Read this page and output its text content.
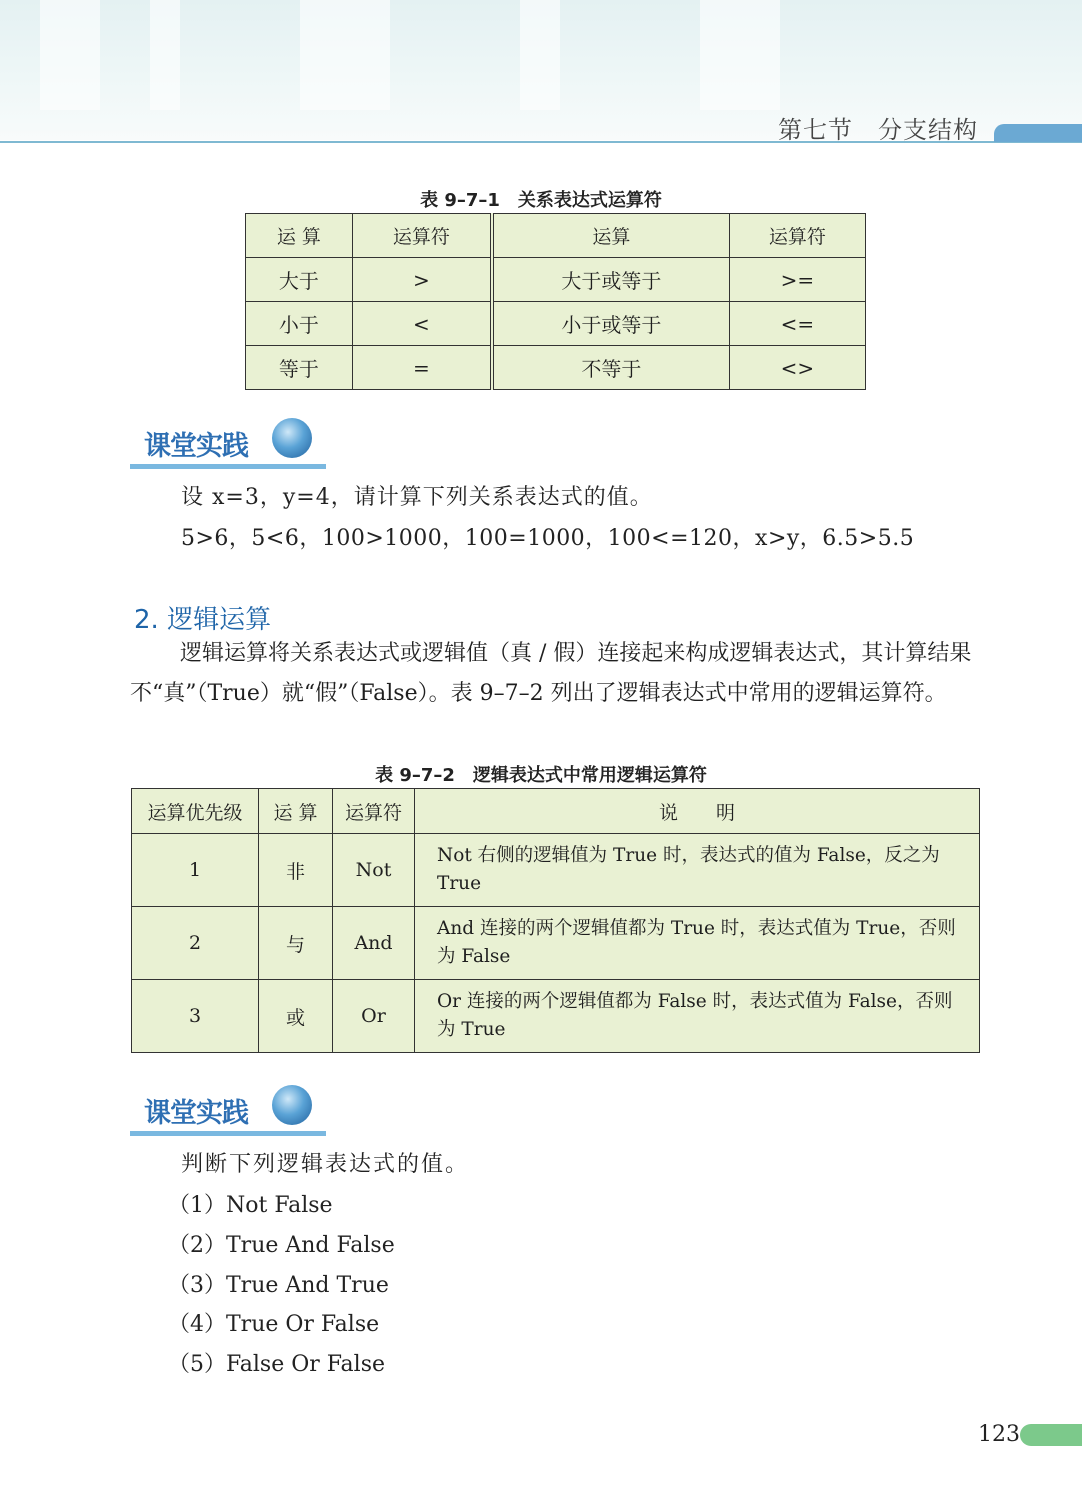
第七节　分支结构
表 9–7–1　关系表达式运算符
运 算	运算符	运算	运算符
大于	>	大于或等于	>=
小于	<	小于或等于	<=
等于	=	不等于	<>
课堂实践
设 x=3，y=4，请计算下列关系表达式的值。
5>6，5<6，100>1000，100=1000，100<=120，x>y，6.5>5.5
2. 逻辑运算
逻辑运算将关系表达式或逻辑值（真 / 假）连接起来构成逻辑表达式，其计算结果不“真”（True）就“假”（False）。表 9–7–2 列出了逻辑表达式中常用的逻辑运算符。
表 9–7–2　逻辑表达式中常用逻辑运算符
运算优先级	运 算	运算符	说　　明
1	非	Not	Not 右侧的逻辑值为 True 时，表达式的值为 False，反之为 True
2	与	And	And 连接的两个逻辑值都为 True 时，表达式值为 True，否则为 False
3	或	Or	Or 连接的两个逻辑值都为 False 时，表达式值为 False，否则为 True
课堂实践
判断下列逻辑表达式的值。
（1）Not False
（2）True And False
（3）True And True
（4）True Or False
（5）False Or False
123
